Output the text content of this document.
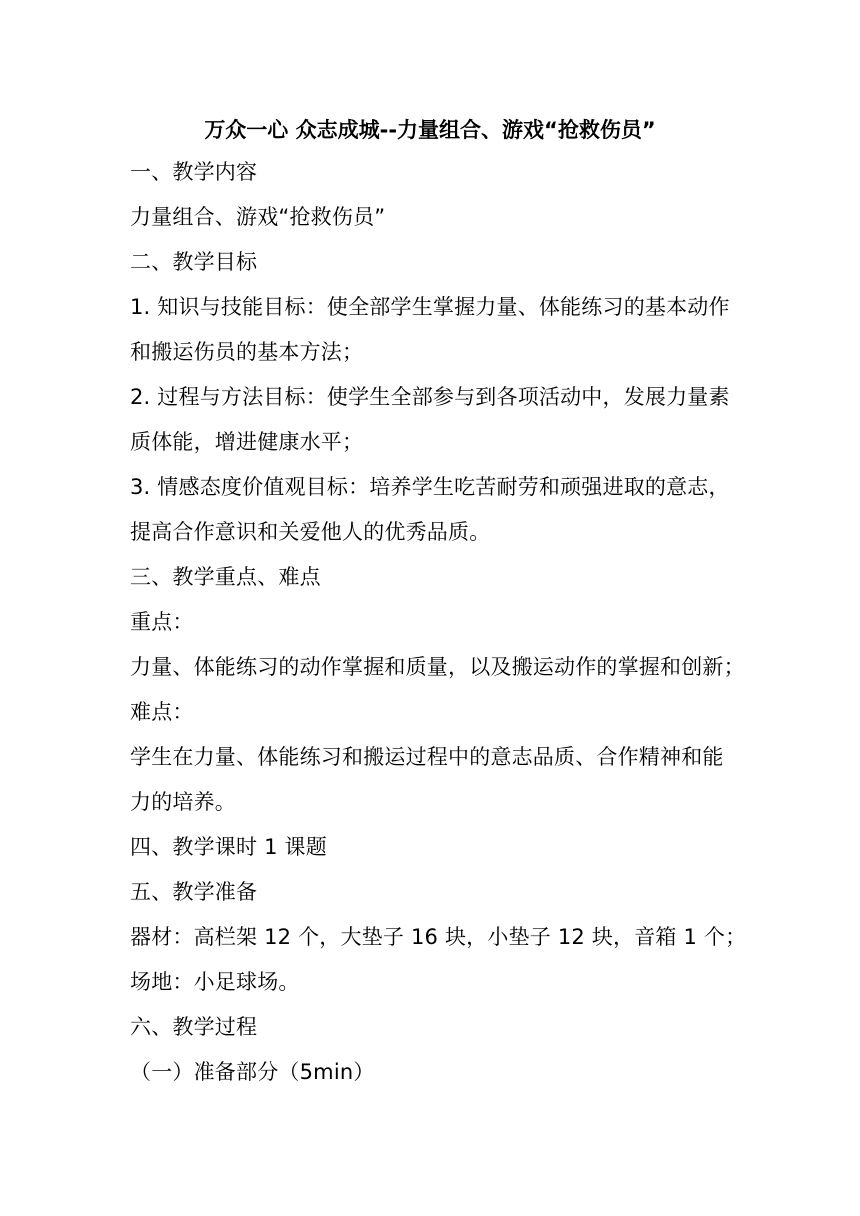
万众一心 众志成城--力量组合、游戏“抢救伤员”
一、教学内容
力量组合、游戏“抢救伤员”
二、教学目标
1. 知识与技能目标：使全部学生掌握力量、体能练习的基本动作
和搬运伤员的基本方法；
2. 过程与方法目标：使学生全部参与到各项活动中，发展力量素
质体能，增进健康水平；
3. 情感态度价值观目标：培养学生吃苦耐劳和顽强进取的意志，
提高合作意识和关爱他人的优秀品质。
三、教学重点、难点
重点：
力量、体能练习的动作掌握和质量，以及搬运动作的掌握和创新；
难点：
学生在力量、体能练习和搬运过程中的意志品质、合作精神和能
力的培养。
四、教学课时 1 课题
五、教学准备
器材：高栏架 12 个，大垫子 16 块，小垫子 12 块，音箱 1 个；
场地：小足球场。
六、教学过程
（一）准备部分（5min）
